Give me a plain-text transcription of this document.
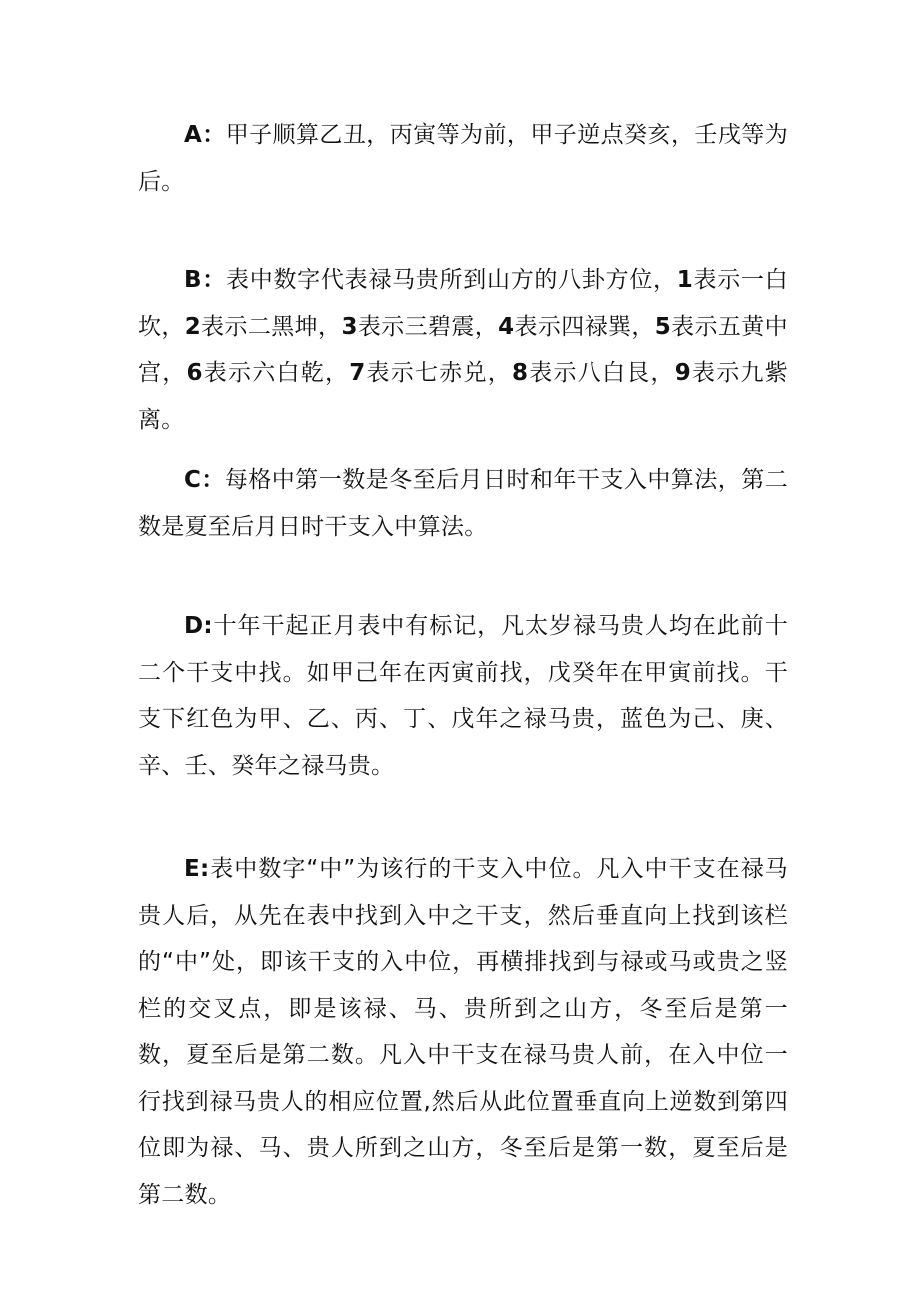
A：甲子顺算乙丑，丙寅等为前，甲子逆点癸亥，壬戌等为后。

B：表中数字代表禄马贵所到山方的八卦方位，1表示一白坎，2表示二黑坤，3表示三碧震，4表示四禄巽，5表示五黄中宫，6表示六白乾，7表示七赤兑，8表示八白艮，9表示九紫离。

C：每格中第一数是冬至后月日时和年干支入中算法，第二数是夏至后月日时干支入中算法。

D:十年干起正月表中有标记，凡太岁禄马贵人均在此前十二个干支中找。如甲己年在丙寅前找，戊癸年在甲寅前找。干支下红色为甲、乙、丙、丁、戊年之禄马贵，蓝色为己、庚、辛、壬、癸年之禄马贵。

E:表中数字“中”为该行的干支入中位。凡入中干支在禄马贵人后，从先在表中找到入中之干支，然后垂直向上找到该栏的“中”处，即该干支的入中位，再横排找到与禄或马或贵之竖栏的交叉点，即是该禄、马、贵所到之山方，冬至后是第一数，夏至后是第二数。凡入中干支在禄马贵人前，在入中位一行找到禄马贵人的相应位置,然后从此位置垂直向上逆数到第四位即为禄、马、贵人所到之山方，冬至后是第一数，夏至后是第二数。
